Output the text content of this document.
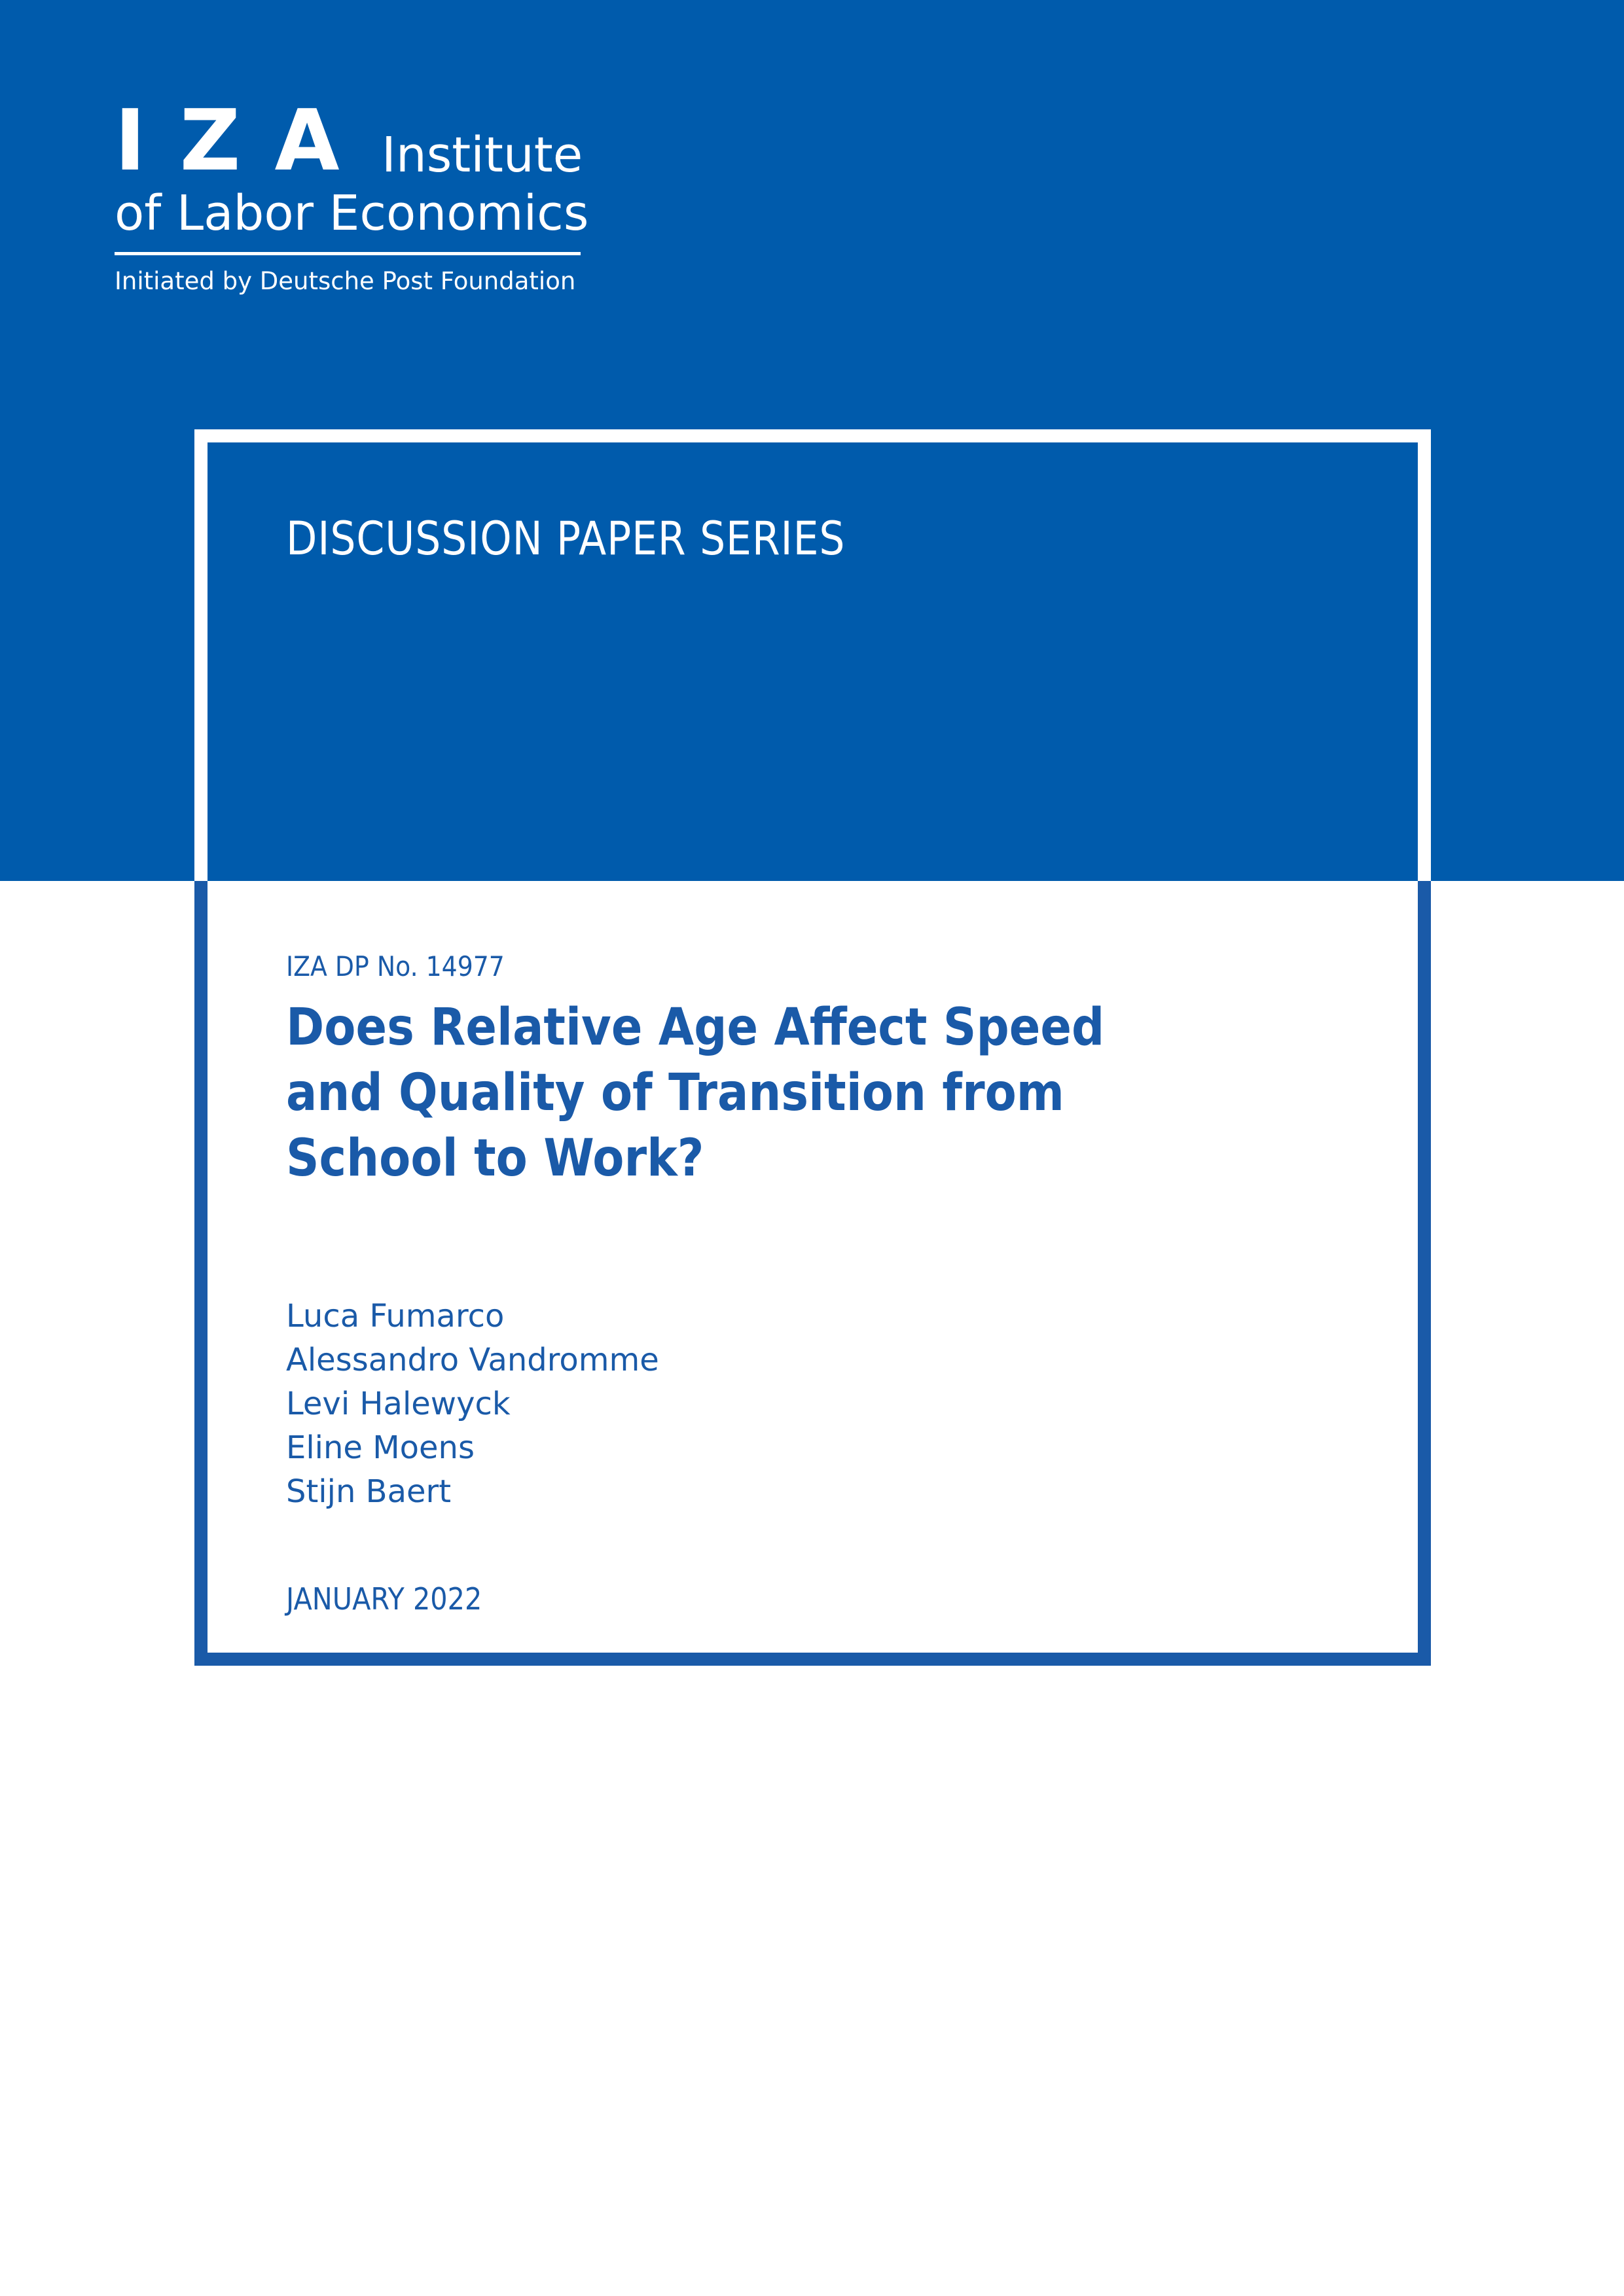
IZA Institute
of Labor Economics
Initiated by Deutsche Post Foundation
DISCUSSION PAPER SERIES
IZA DP No. 14977
Does Relative Age Affect Speed and Quality of Transition from School to Work?
Luca Fumarco
Alessandro Vandromme
Levi Halewyck
Eline Moens
Stijn Baert
JANUARY 2022
